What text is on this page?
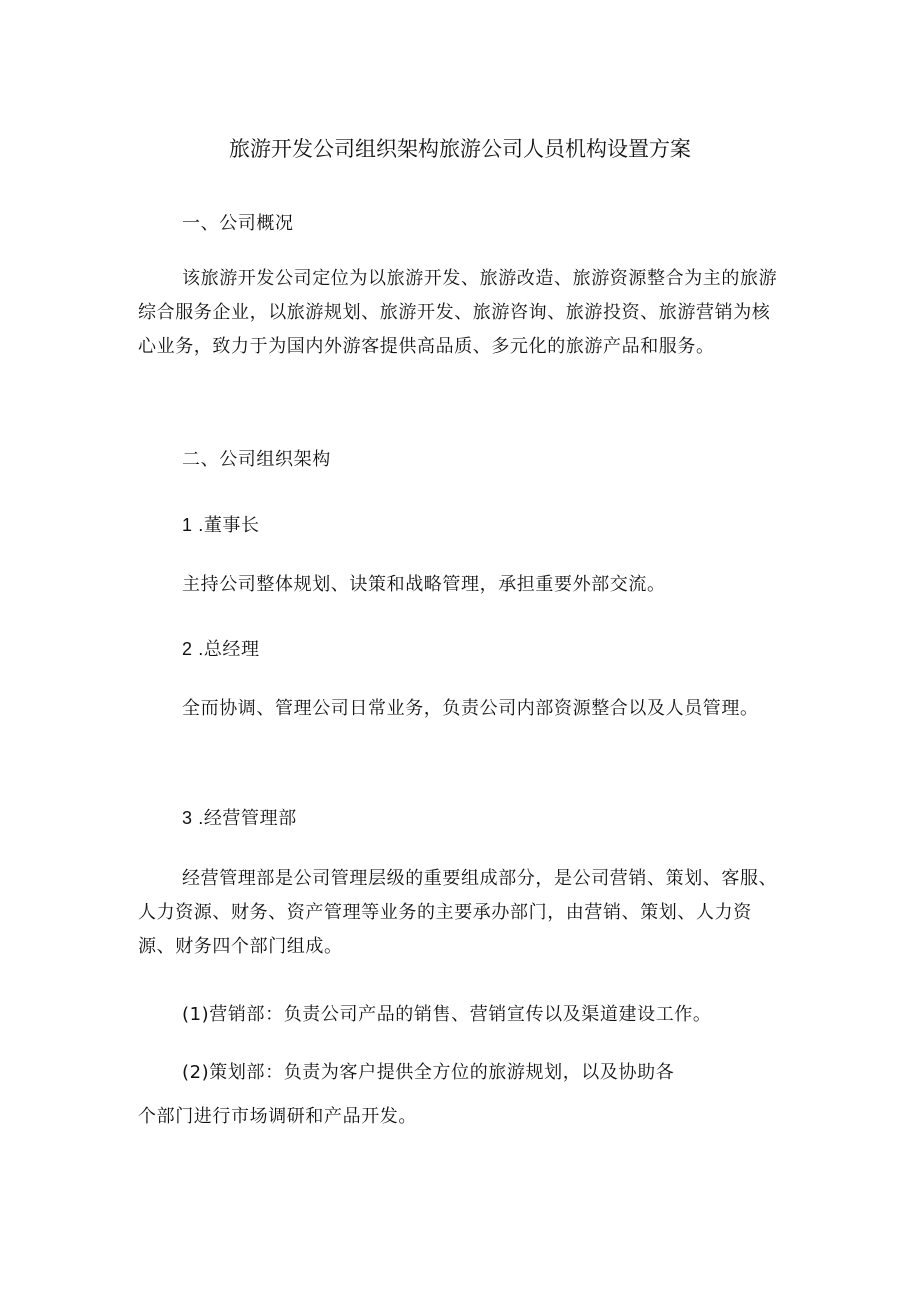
旅游开发公司组织架构旅游公司人员机构设置方案

一、公司概况

该旅游开发公司定位为以旅游开发、旅游改造、旅游资源整合为主的旅游综合服务企业，以旅游规划、旅游开发、旅游咨询、旅游投资、旅游营销为核心业务，致力于为国内外游客提供高品质、多元化的旅游产品和服务。

二、公司组织架构

1 .董事长

主持公司整体规划、诀策和战略管理，承担重要外部交流。

2 .总经理

全而协调、管理公司日常业务，负责公司内部资源整合以及人员管理。

3 .经营管理部

经营管理部是公司管理层级的重要组成部分，是公司营销、策划、客服、人力资源、财务、资产管理等业务的主要承办部门，由营销、策划、人力资源、财务四个部门组成。

(1)营销部：负责公司产品的销售、营销宣传以及渠道建设工作。

(2)策划部：负责为客户提供全方位的旅游规划，以及协助各

个部门进行市场调研和产品开发。
